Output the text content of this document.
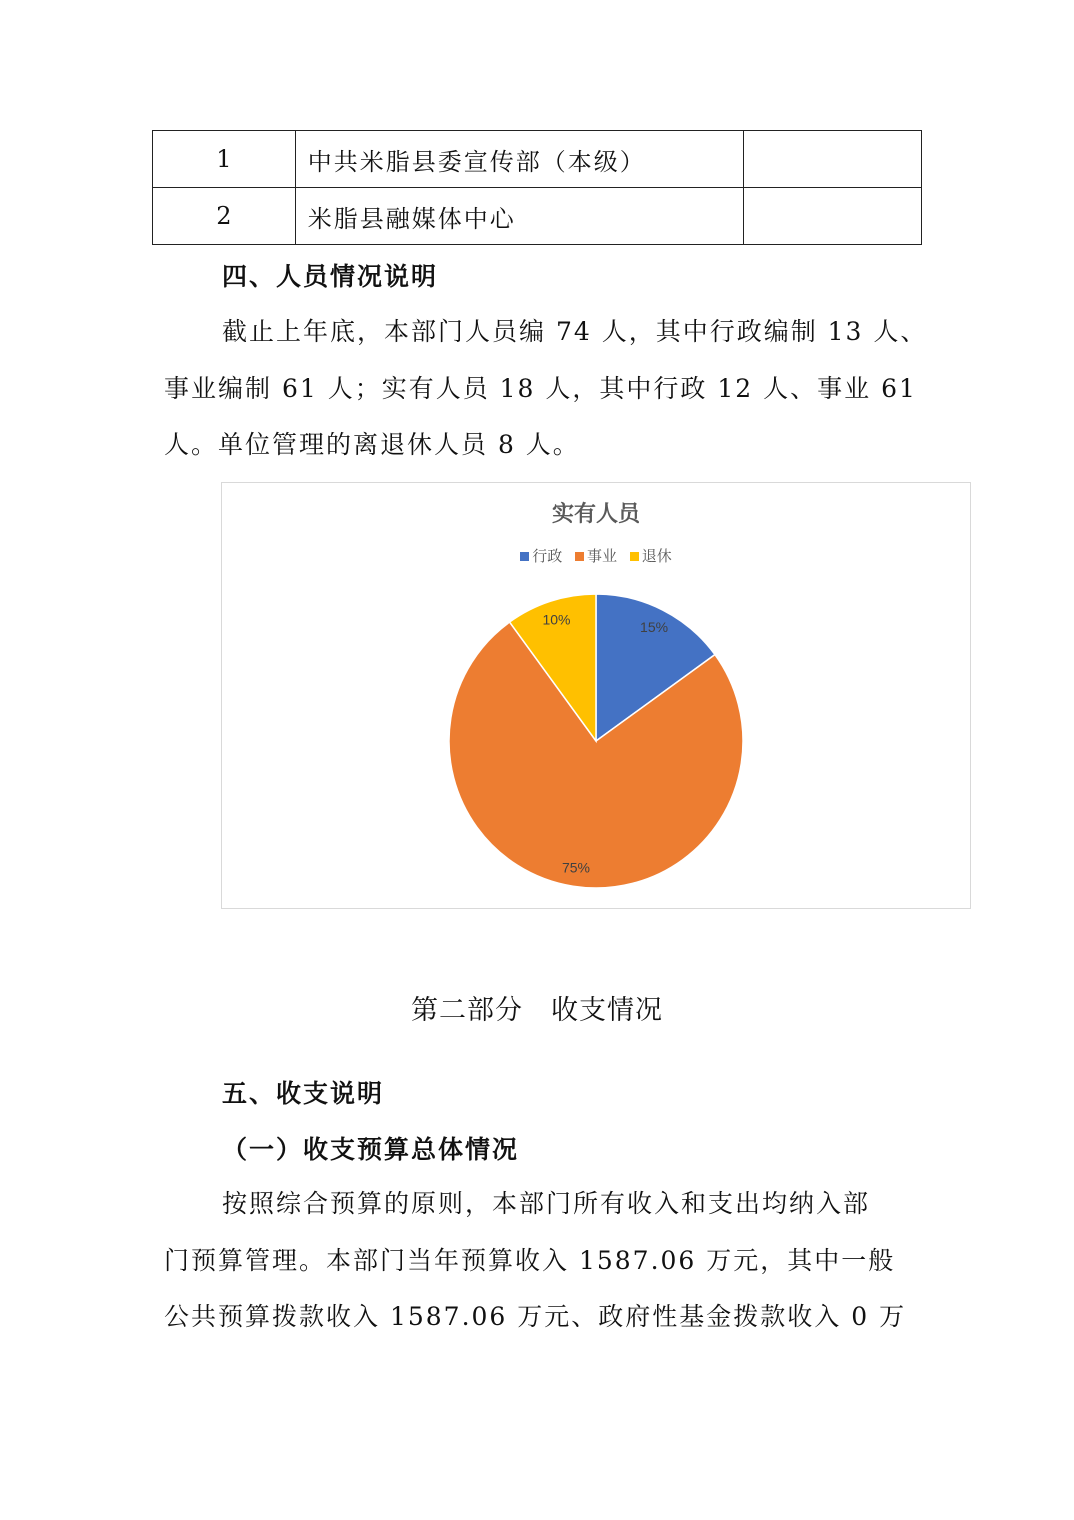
1	中共米脂县委宣传部（本级）	
2	米脂县融媒体中心	
四、人员情况说明
截止上年底，本部门人员编 74 人，其中行政编制 13 人、
事业编制 61 人；实有人员 18 人，其中行政 12 人、事业 61
人。单位管理的离退休人员 8 人。
实有人员
行政 事业 退休
15%
75%
10%
第二部分　收支情况
五、收支说明
（一）收支预算总体情况
按照综合预算的原则，本部门所有收入和支出均纳入部
门预算管理。本部门当年预算收入 1587.06 万元，其中一般
公共预算拨款收入 1587.06 万元、政府性基金拨款收入 0 万
